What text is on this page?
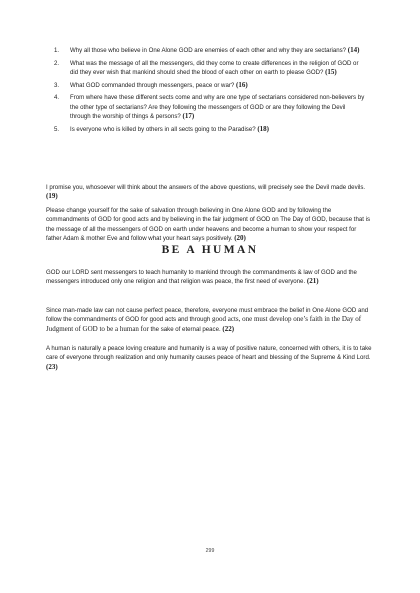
1. Why all those who believe in One Alone GOD are enemies of each other and why they are sectarians? (14)
2. What was the message of all the messengers, did they come to create differences in the religion of GOD or did they ever wish that mankind should shed the blood of each other on earth to please GOD? (15)
3. What GOD commanded through messengers, peace or war? (16)
4. From where have these different sects come and why are one type of sectarians considered non-believers by the other type of sectarians? Are they following the messengers of GOD or are they following the Devil through the worship of things & persons? (17)
5. Is everyone who is killed by others in all sects going to the Paradise? (18)

I promise you, whosoever will think about the answers of the above questions, will precisely see the Devil made devils. (19)

Please change yourself for the sake of salvation through believing in One Alone GOD and by following the commandments of GOD for good acts and by believing in the fair judgment of GOD on The Day of GOD, because that is the message of all the messengers of GOD on earth under heavens and become a human to show your respect for father Adam & mother Eve and follow what your heart says positively. (20)

BE A HUMAN

GOD our LORD sent messengers to teach humanity to mankind through the commandments & law of GOD and the messengers introduced only one religion and that religion was peace, the first need of everyone. (21)

Since man-made law can not cause perfect peace, therefore, everyone must embrace the belief in One Alone GOD and follow the commandments of GOD for good acts and through good acts, one must develop one’s faith in the Day of Judgment of GOD to be a human for the sake of eternal peace. (22)

A human is naturally a peace loving creature and humanity is a way of positive nature, concerned with others, it is to take care of everyone through realization and only humanity causes peace of heart and blessing of the Supreme & Kind Lord. (23)

299
